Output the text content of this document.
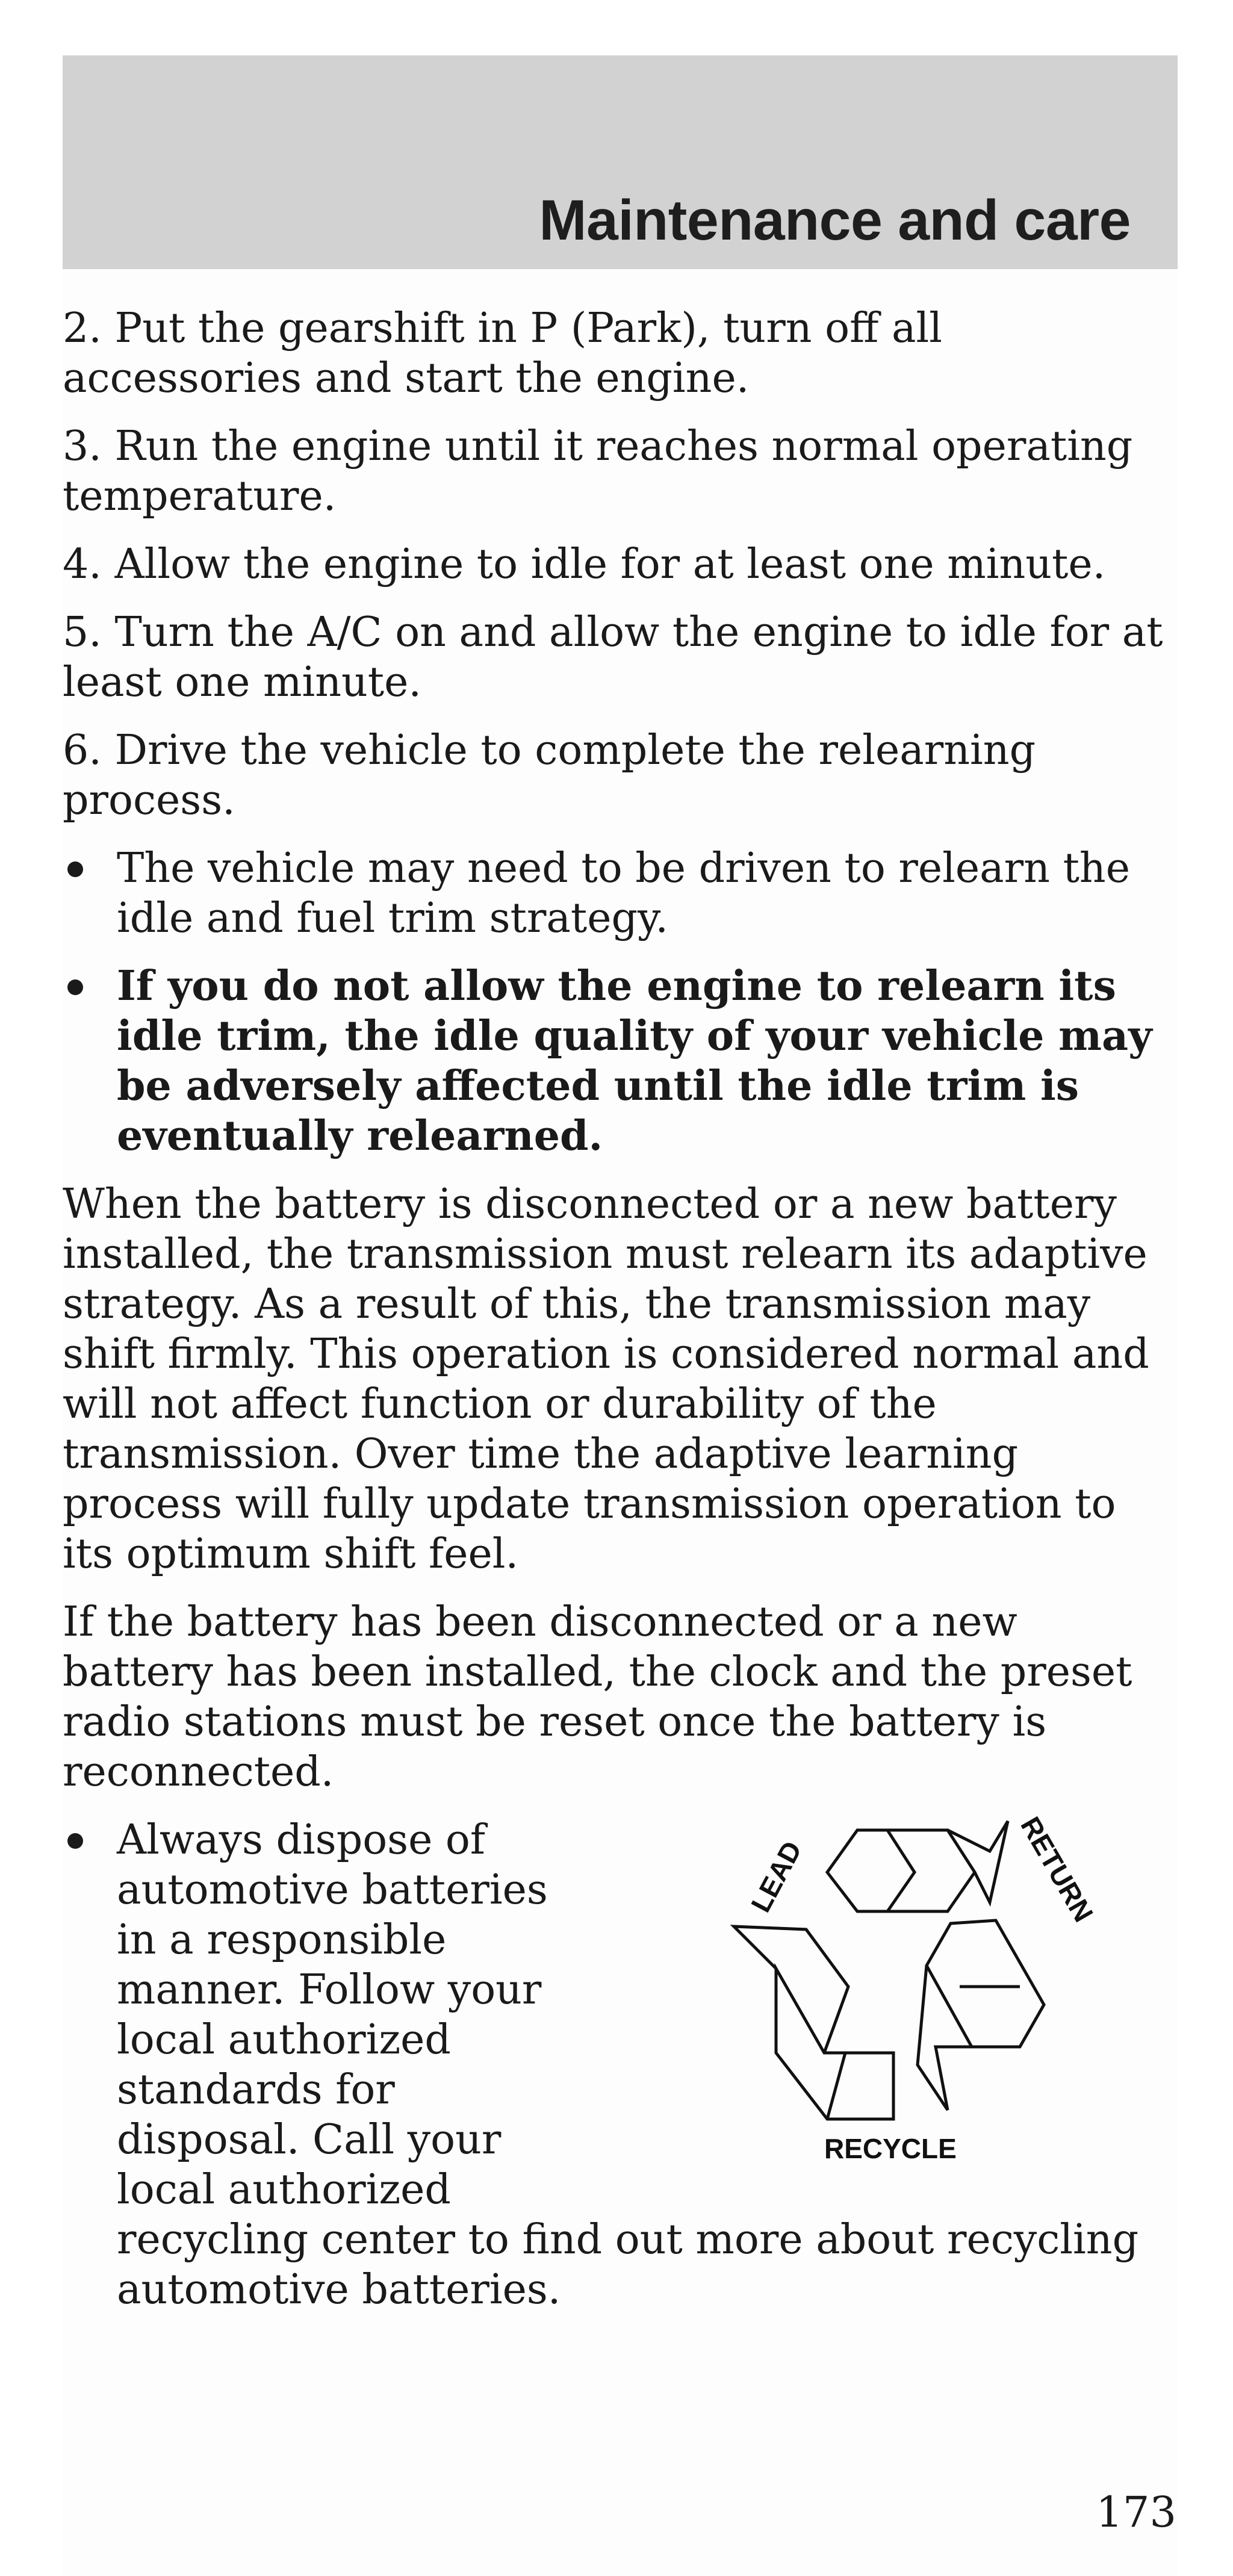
Maintenance and care

2. Put the gearshift in P (Park), turn off all accessories and start the engine.

3. Run the engine until it reaches normal operating temperature.

4. Allow the engine to idle for at least one minute.

5. Turn the A/C on and allow the engine to idle for at least one minute.

6. Drive the vehicle to complete the relearning process.

The vehicle may need to be driven to relearn the idle and fuel trim strategy.
If you do not allow the engine to relearn its idle trim, the idle quality of your vehicle may be adversely affected until the idle trim is eventually relearned.

When the battery is disconnected or a new battery installed, the transmission must relearn its adaptive strategy. As a result of this, the transmission may shift firmly. This operation is considered normal and will not affect function or durability of the transmission. Over time the adaptive learning process will fully update transmission operation to its optimum shift feel.

If the battery has been disconnected or a new battery has been installed, the clock and the preset radio stations must be reset once the battery is reconnected.

Always dispose of
automotive batteries
in a responsible
manner. Follow your
local authorized
standards for
disposal. Call your
local authorized
recycling center to find out more about recycling
automotive batteries.
LEAD	RETURN
RECYCLE

173
